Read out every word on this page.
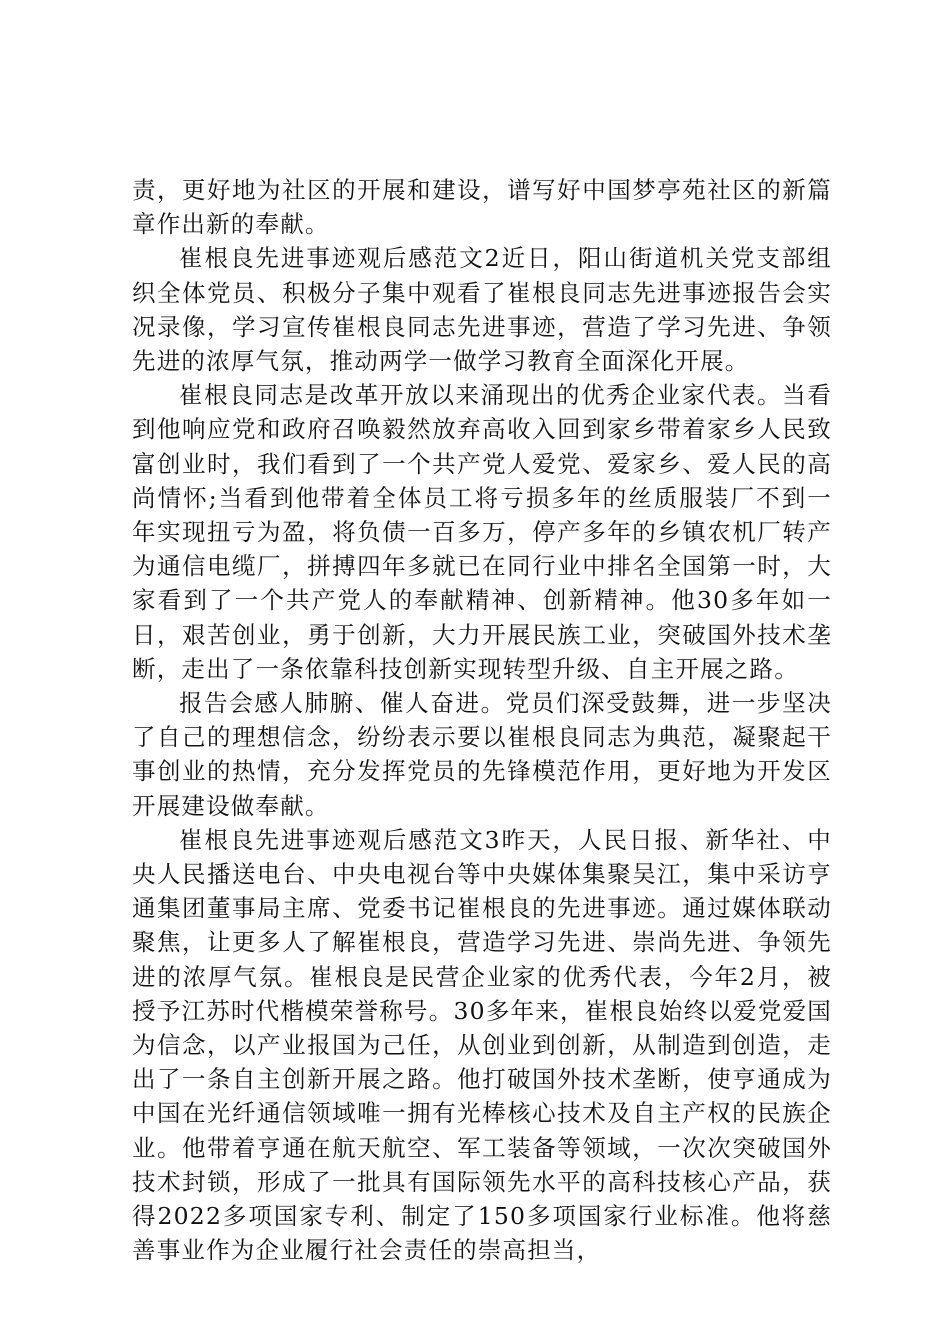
责，更好地为社区的开展和建设，谱写好中国梦亭苑社区的新篇章作出新的奉献。

崔根良先进事迹观后感范文2近日，阳山街道机关党支部组织全体党员、积极分子集中观看了崔根良同志先进事迹报告会实况录像，学习宣传崔根良同志先进事迹，营造了学习先进、争领先进的浓厚气氛，推动两学一做学习教育全面深化开展。

崔根良同志是改革开放以来涌现出的优秀企业家代表。当看到他响应党和政府召唤毅然放弃高收入回到家乡带着家乡人民致富创业时，我们看到了一个共产党人爱党、爱家乡、爱人民的高尚情怀;当看到他带着全体员工将亏损多年的丝质服装厂不到一年实现扭亏为盈，将负债一百多万，停产多年的乡镇农机厂转产为通信电缆厂，拼搏四年多就已在同行业中排名全国第一时，大家看到了一个共产党人的奉献精神、创新精神。他30多年如一日，艰苦创业，勇于创新，大力开展民族工业，突破国外技术垄断，走出了一条依靠科技创新实现转型升级、自主开展之路。

报告会感人肺腑、催人奋进。党员们深受鼓舞，进一步坚决了自己的理想信念，纷纷表示要以崔根良同志为典范，凝聚起干事创业的热情，充分发挥党员的先锋模范作用，更好地为开发区开展建设做奉献。

崔根良先进事迹观后感范文3昨天，人民日报、新华社、中央人民播送电台、中央电视台等中央媒体集聚吴江，集中采访亨通集团董事局主席、党委书记崔根良的先进事迹。通过媒体联动聚焦，让更多人了解崔根良，营造学习先进、崇尚先进、争领先进的浓厚气氛。崔根良是民营企业家的优秀代表，今年2月，被授予江苏时代楷模荣誉称号。30多年来，崔根良始终以爱党爱国为信念，以产业报国为己任，从创业到创新，从制造到创造，走出了一条自主创新开展之路。他打破国外技术垄断，使亨通成为中国在光纤通信领域唯一拥有光棒核心技术及自主产权的民族企业。他带着亨通在航天航空、军工装备等领域，一次次突破国外技术封锁，形成了一批具有国际领先水平的高科技核心产品，获得2022多项国家专利、制定了150多项国家行业标准。他将慈善事业作为企业履行社会责任的崇高担当，
